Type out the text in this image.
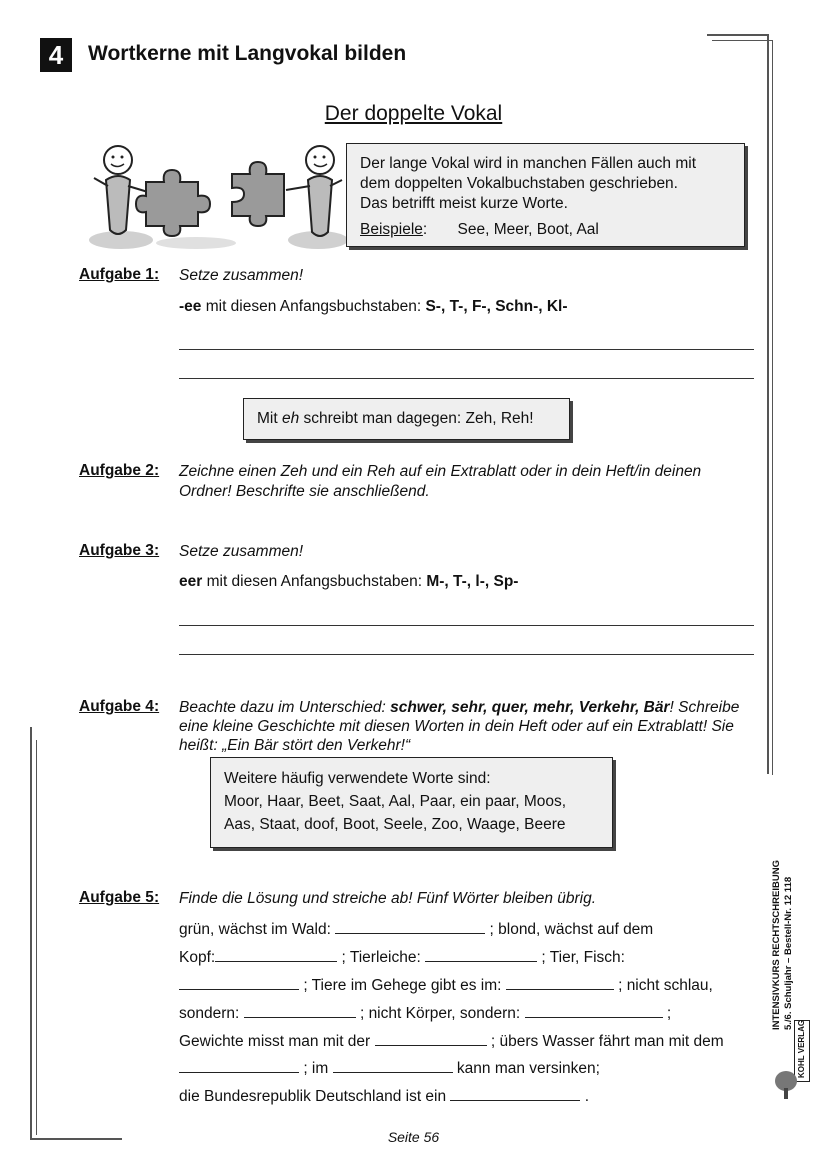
4	Wortkerne mit Langvokal bilden
Der doppelte Vokal
Der lange Vokal wird in manchen Fällen auch mit
dem doppelten Vokalbuchstaben geschrieben.
Das betrifft meist kurze Worte.
Beispiele: See, Meer, Boot, Aal
Aufgabe 1: Setze zusammen!
-ee mit diesen Anfangsbuchstaben: S-, T-, F-, Schn-, Kl-
Mit eh schreibt man dagegen: Zeh, Reh!
Aufgabe 2: Zeichne einen Zeh und ein Reh auf ein Extrablatt oder in dein Heft/in deinen
Ordner! Beschrifte sie anschließend.
Aufgabe 3: Setze zusammen!
eer mit diesen Anfangsbuchstaben: M-, T-, l-, Sp-
Aufgabe 4: Beachte dazu im Unterschied: schwer, sehr, quer, mehr, Verkehr, Bär! Schreibe
eine kleine Geschichte mit diesen Worten in dein Heft oder auf ein Extrablatt! Sie
heißt: „Ein Bär stört den Verkehr!“
Weitere häufig verwendete Worte sind:
Moor, Haar, Beet, Saat, Aal, Paar, ein paar, Moos,
Aas, Staat, doof, Boot, Seele, Zoo, Waage, Beere
Aufgabe 5: Finde die Lösung und streiche ab! Fünf Wörter bleiben übrig.
grün, wächst im Wald:	; blond, wächst auf dem
Kopf:	; Tierleiche:	; Tier, Fisch:
; Tiere im Gehege gibt es im:	; nicht schlau,
sondern:	; nicht Körper, sondern:	;
Gewichte misst man mit der	; übers Wasser fährt man mit dem
; im	kann man versinken;
die Bundesrepublik Deutschland ist ein	.
Seite 56
INTENSIVKURS RECHTSCHREIBUNG 5./6. Schuljahr – Bestell-Nr. 12 118
KOHL VERLAG
